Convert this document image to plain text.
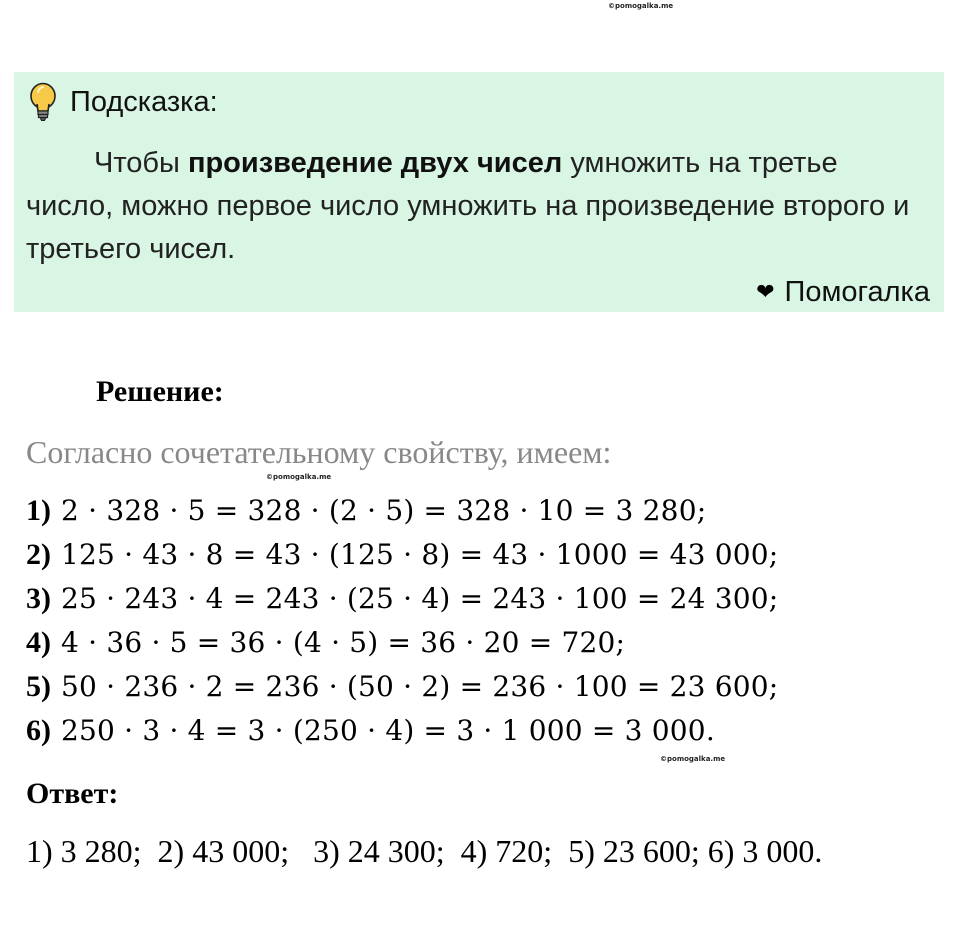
©pomogalka.me
Подсказка:

Чтобы произведение двух чисел умножить на третье число, можно первое число умножить на произведение второго и третьего чисел.

❤ Помогалка
Решение:

Согласно сочетательному свойству, имеем:

©pomogalka.me
1) 2 · 328 · 5 = 328 · (2 · 5) = 328 · 10 = 3 280;
2) 125 · 43 · 8 = 43 · (125 · 8) = 43 · 1000 = 43 000;
3) 25 · 243 · 4 = 243 · (25 · 4) = 243 · 100 = 24 300;
4) 4 · 36 · 5 = 36 · (4 · 5) = 36 · 20 = 720;
5) 50 · 236 · 2 = 236 · (50 · 2) = 236 · 100 = 23 600;
6) 250 · 3 · 4 = 3 · (250 · 4) = 3 · 1 000 = 3 000.
©pomogalka.me
Ответ:

1) 3 280;  2) 43 000;   3) 24 300;  4) 720;  5) 23 600; 6) 3 000.
